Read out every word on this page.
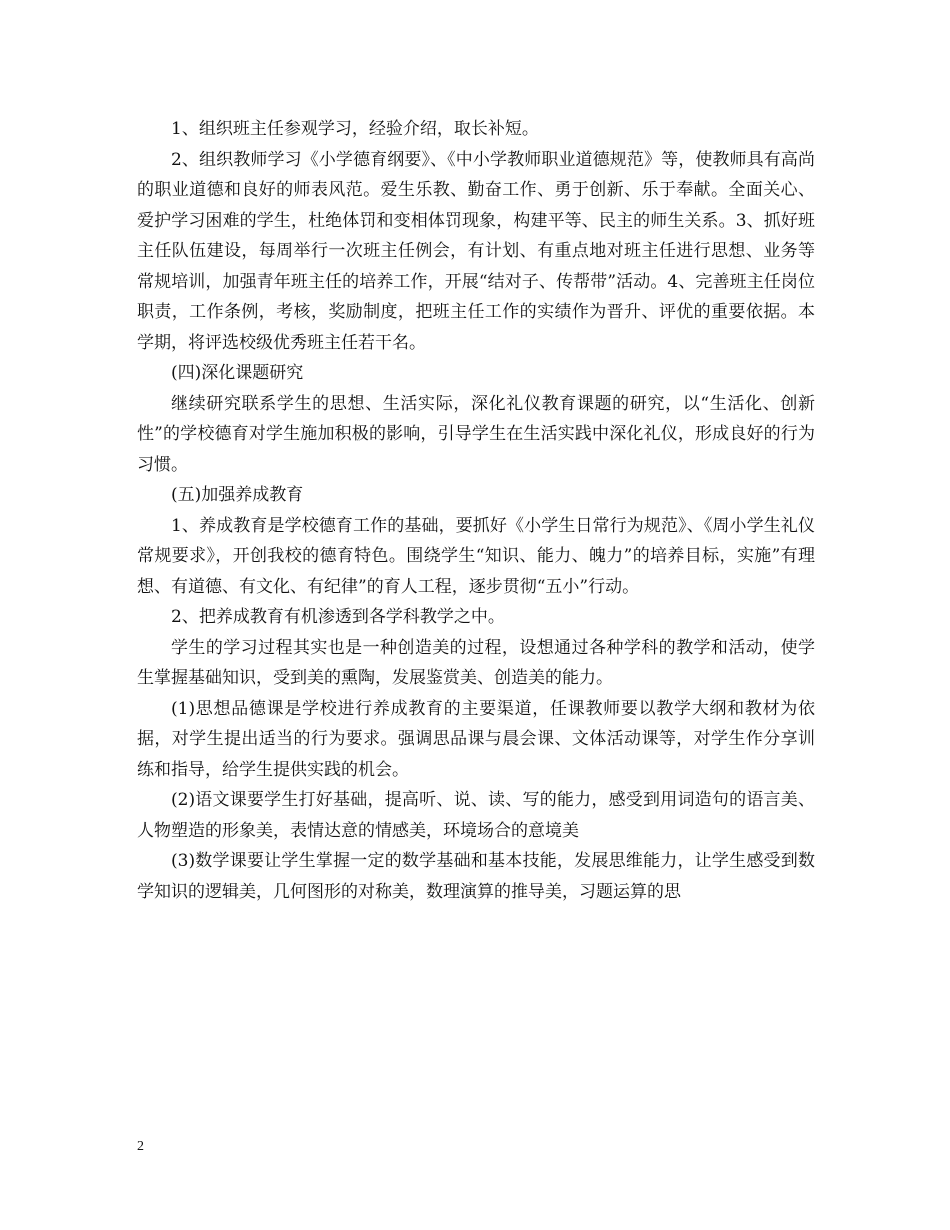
1、组织班主任参观学习，经验介绍，取长补短。

2、组织教师学习《小学德育纲要》、《中小学教师职业道德规范》等，使教师具有高尚的职业道德和良好的师表风范。爱生乐教、勤奋工作、勇于创新、乐于奉献。全面关心、爱护学习困难的学生，杜绝体罚和变相体罚现象，构建平等、民主的师生关系。3、抓好班主任队伍建设，每周举行一次班主任例会，有计划、有重点地对班主任进行思想、业务等常规培训，加强青年班主任的培养工作，开展“结对子、传帮带”活动。4、完善班主任岗位职责，工作条例，考核，奖励制度，把班主任工作的实绩作为晋升、评优的重要依据。本学期，将评选校级优秀班主任若干名。

(四)深化课题研究

继续研究联系学生的思想、生活实际，深化礼仪教育课题的研究，以“生活化、创新性”的学校德育对学生施加积极的影响，引导学生在生活实践中深化礼仪，形成良好的行为习惯。

(五)加强养成教育

1、养成教育是学校德育工作的基础，要抓好《小学生日常行为规范》、《周小学生礼仪常规要求》，开创我校的德育特色。围绕学生“知识、能力、魄力”的培养目标，实施”有理想、有道德、有文化、有纪律”的育人工程，逐步贯彻“五小”行动。

2、把养成教育有机渗透到各学科教学之中。

学生的学习过程其实也是一种创造美的过程，设想通过各种学科的教学和活动，使学生掌握基础知识，受到美的熏陶，发展鉴赏美、创造美的能力。

(1)思想品德课是学校进行养成教育的主要渠道，任课教师要以教学大纲和教材为依据，对学生提出适当的行为要求。强调思品课与晨会课、文体活动课等，对学生作分享训练和指导，给学生提供实践的机会。

(2)语文课要学生打好基础，提高听、说、读、写的能力，感受到用词造句的语言美、人物塑造的形象美，表情达意的情感美，环境场合的意境美

(3)数学课要让学生掌握一定的数学基础和基本技能，发展思维能力，让学生感受到数学知识的逻辑美，几何图形的对称美，数理演算的推导美，习题运算的思

2
